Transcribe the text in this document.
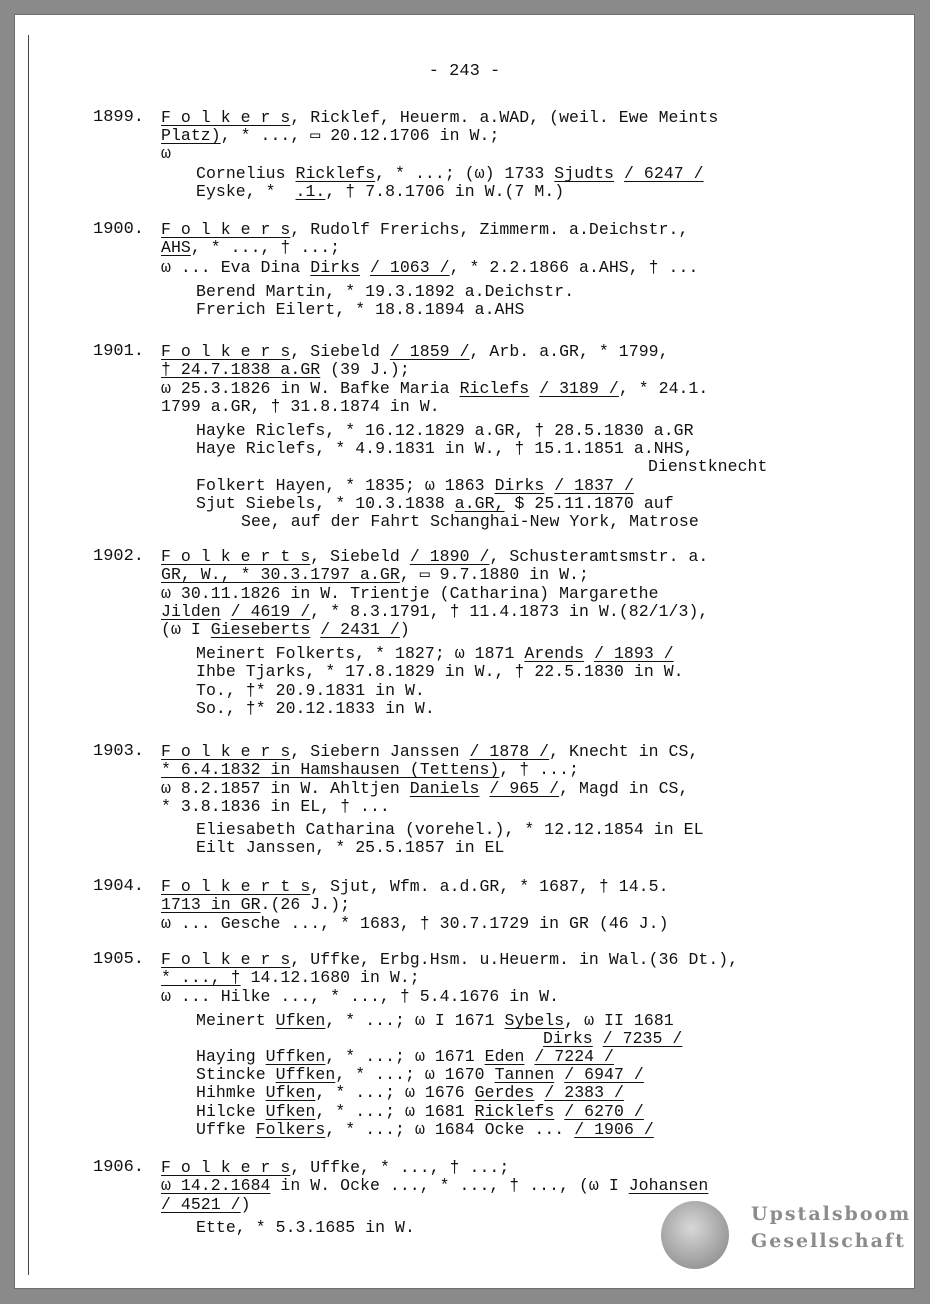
- 243 -
1899.	F o l k e r s, Ricklef, Heuerm. a.WAD, (weil. Ewe Meints
Platz), * ..., ▭ 20.12.1706 in W.;
ω
Cornelius Ricklefs, * ...; (ω) 1733 Sjudts / 6247 /
Eyske, *  .1., † 7.8.1706 in W.(7 M.)
1900.	F o l k e r s, Rudolf Frerichs, Zimmerm. a.Deichstr.,
AHS, * ..., † ...;
ω ... Eva Dina Dirks / 1063 /, * 2.2.1866 a.AHS, † ...
Berend Martin, * 19.3.1892 a.Deichstr.
Frerich Eilert, * 18.8.1894 a.AHS
1901.	F o l k e r s, Siebeld / 1859 /, Arb. a.GR, * 1799,
† 24.7.1838 a.GR (39 J.);
ω 25.3.1826 in W. Bafke Maria Riclefs / 3189 /, * 24.1.
1799 a.GR, † 31.8.1874 in W.
Hayke Riclefs, * 16.12.1829 a.GR, † 28.5.1830 a.GR
Haye Riclefs, * 4.9.1831 in W., † 15.1.1851 a.NHS,
Dienstknecht
Folkert Hayen, * 1835; ω 1863 Dirks / 1837 /
Sjut Siebels, * 10.3.1838 a.GR, $ 25.11.1870 auf
See, auf der Fahrt Schanghai-New York, Matrose
1902.	F o l k e r t s, Siebeld / 1890 /, Schusteramtsmstr. a.
GR, W., * 30.3.1797 a.GR, ▭ 9.7.1880 in W.;
ω 30.11.1826 in W. Trientje (Catharina) Margarethe
Jilden / 4619 /, * 8.3.1791, † 11.4.1873 in W.(82/1/3),
(ω I Gieseberts / 2431 /)
Meinert Folkerts, * 1827; ω 1871 Arends / 1893 /
Ihbe Tjarks, * 17.8.1829 in W., † 22.5.1830 in W.
To., †* 20.9.1831 in W.
So., †* 20.12.1833 in W.
1903.	F o l k e r s, Siebern Janssen / 1878 /, Knecht in CS,
* 6.4.1832 in Hamshausen (Tettens), † ...;
ω 8.2.1857 in W. Ahltjen Daniels / 965 /, Magd in CS,
* 3.8.1836 in EL, † ...
Eliesabeth Catharina (vorehel.), * 12.12.1854 in EL
Eilt Janssen, * 25.5.1857 in EL
1904.	F o l k e r t s, Sjut, Wfm. a.d.GR, * 1687, † 14.5.
1713 in GR.(26 J.);
ω ... Gesche ..., * 1683, † 30.7.1729 in GR (46 J.)
1905.	F o l k e r s, Uffke, Erbg.Hsm. u.Heuerm. in Wal.(36 Dt.),
* ..., † 14.12.1680 in W.;
ω ... Hilke ..., * ..., † 5.4.1676 in W.
Meinert Ufken, * ...; ω I 1671 Sybels, ω II 1681
Dirks / 7235 /
Haying Uffken, * ...; ω 1671 Eden / 7224 /
Stincke Uffken, * ...; ω 1670 Tannen / 6947 /
Hihmke Ufken, * ...; ω 1676 Gerdes / 2383 /
Hilcke Ufken, * ...; ω 1681 Ricklefs / 6270 /
Uffke Folkers, * ...; ω 1684 Ocke ... / 1906 /
1906.	F o l k e r s, Uffke, * ..., † ...;
ω 14.2.1684 in W. Ocke ..., * ..., † ..., (ω I Johansen
/ 4521 /)
Ette, * 5.3.1685 in W.
Upstalsboom
Gesellschaft
